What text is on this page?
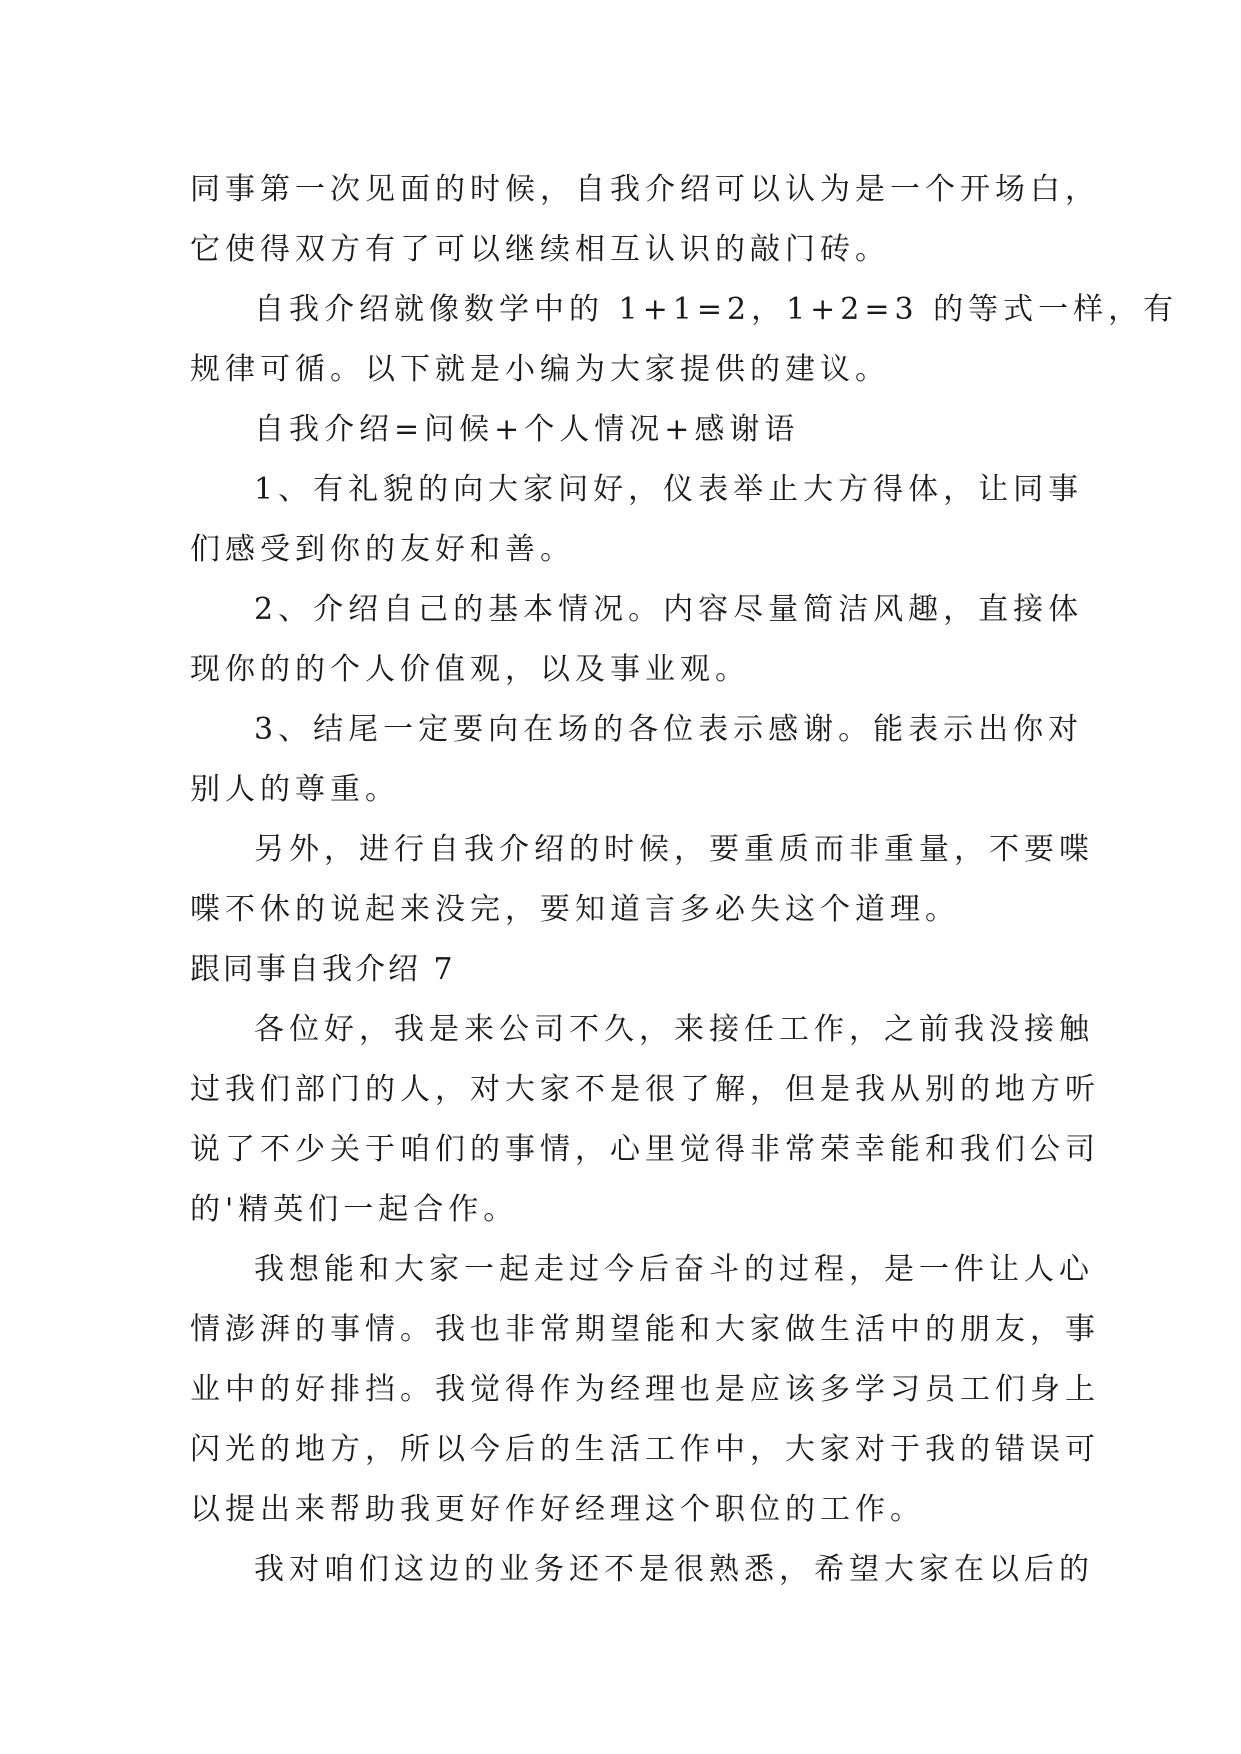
同事第一次见面的时候，自我介绍可以认为是一个开场白，
它使得双方有了可以继续相互认识的敲门砖。
自我介绍就像数学中的 1+1=2，1+2=3 的等式一样，有
规律可循。以下就是小编为大家提供的建议。
自我介绍=问候+个人情况+感谢语
1、有礼貌的向大家问好，仪表举止大方得体，让同事
们感受到你的友好和善。
2、介绍自己的基本情况。内容尽量简洁风趣，直接体
现你的的个人价值观，以及事业观。
3、结尾一定要向在场的各位表示感谢。能表示出你对
别人的尊重。
另外，进行自我介绍的时候，要重质而非重量，不要喋
喋不休的说起来没完，要知道言多必失这个道理。
跟同事自我介绍 7
各位好，我是来公司不久，来接任工作，之前我没接触
过我们部门的人，对大家不是很了解，但是我从别的地方听
说了不少关于咱们的事情，心里觉得非常荣幸能和我们公司
的'精英们一起合作。
我想能和大家一起走过今后奋斗的过程，是一件让人心
情澎湃的事情。我也非常期望能和大家做生活中的朋友，事
业中的好排挡。我觉得作为经理也是应该多学习员工们身上
闪光的地方，所以今后的生活工作中，大家对于我的错误可
以提出来帮助我更好作好经理这个职位的工作。
我对咱们这边的业务还不是很熟悉，希望大家在以后的
